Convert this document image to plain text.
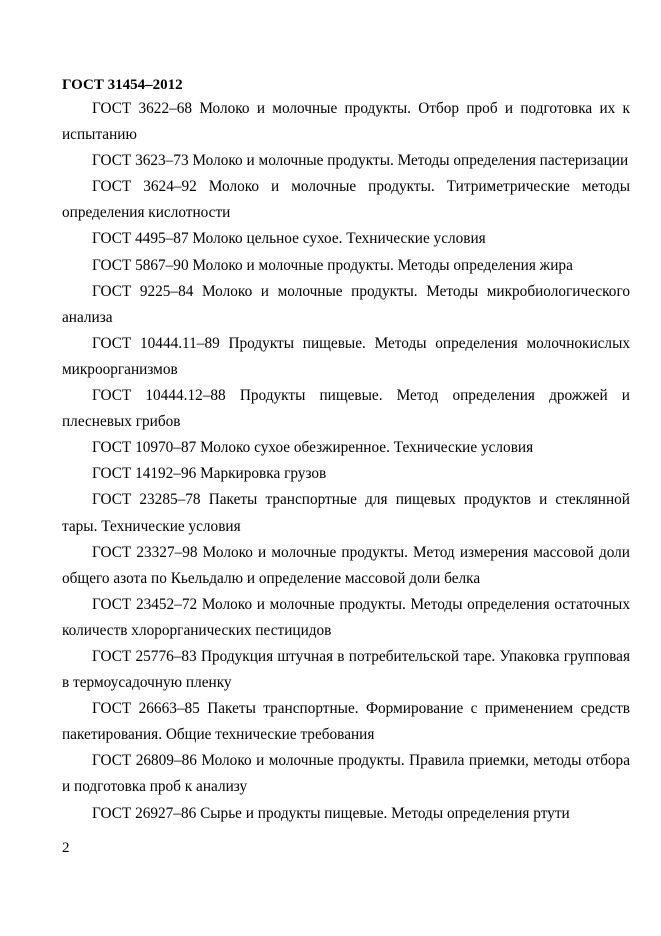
ГОСТ 31454–2012

ГОСТ 3622–68 Молоко и молочные продукты. Отбор проб и подготовка их к испытанию

ГОСТ 3623–73 Молоко и молочные продукты. Методы определения пастеризации

ГОСТ 3624–92 Молоко и молочные продукты. Титриметрические методы определения кислотности

ГОСТ 4495–87 Молоко цельное сухое. Технические условия

ГОСТ 5867–90 Молоко и молочные продукты. Методы определения жира

ГОСТ 9225–84 Молоко и молочные продукты. Методы микробиологического анализа

ГОСТ 10444.11–89 Продукты пищевые. Методы определения молочнокислых микроорганизмов

ГОСТ 10444.12–88 Продукты пищевые. Метод определения дрожжей и плесневых грибов

ГОСТ 10970–87 Молоко сухое обезжиренное. Технические условия

ГОСТ 14192–96 Маркировка грузов

ГОСТ 23285–78 Пакеты транспортные для пищевых продуктов и стеклянной тары. Технические условия

ГОСТ 23327–98 Молоко и молочные продукты. Метод измерения массовой доли общего азота по Кьельдалю и определение массовой доли белка

ГОСТ 23452–72 Молоко и молочные продукты. Методы определения остаточных количеств хлорорганических пестицидов

ГОСТ 25776–83 Продукция штучная в потребительской таре. Упаковка групповая в термоусадочную пленку

ГОСТ 26663–85 Пакеты транспортные. Формирование с применением средств пакетирования. Общие технические требования

ГОСТ 26809–86 Молоко и молочные продукты. Правила приемки, методы отбора и подготовка проб к анализу

ГОСТ 26927–86 Сырье и продукты пищевые. Методы определения ртути

2
